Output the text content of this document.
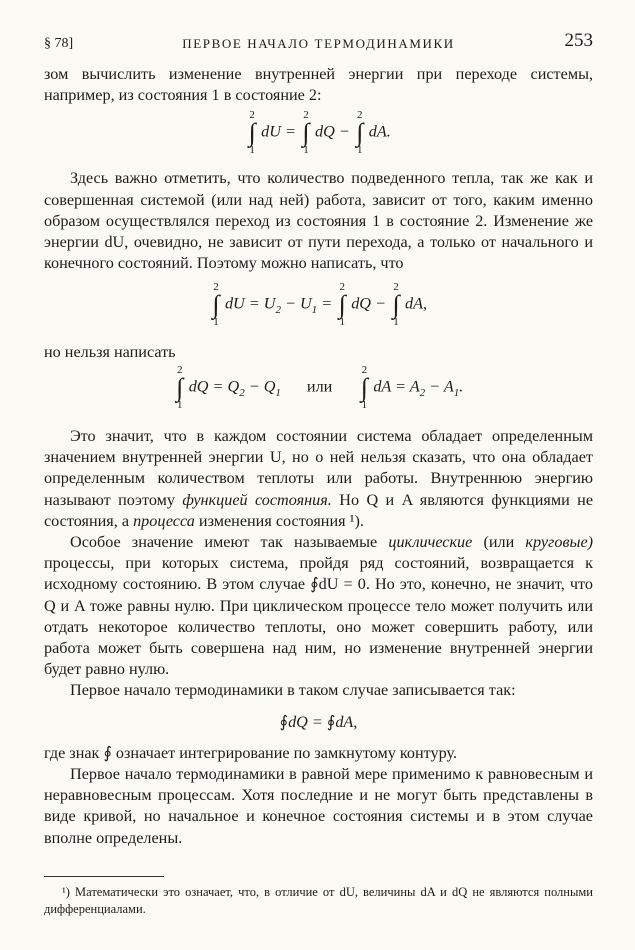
§ 78]	ПЕРВОЕ НАЧАЛО ТЕРМОДИНАМИКИ	253

зом вычислить изменение внутренней энергии при переходе системы, например, из состояния 1 в состояние 2:

2
∫
1
dU =
2
∫
1
dQ −
2
∫
1
dA.

Здесь важно отметить, что количество подведенного тепла, так же как и совершенная системой (или над ней) работа, зависит от того, каким именно образом осуществлялся переход из состояния 1 в состояние 2. Изменение же энергии dU, очевидно, не зависит от пути перехода, а только от начального и конечного состояний. Поэтому можно написать, что

2
∫
1
dU = $U_2 - U_1$ =
2
∫
1
dQ −
2
∫
1
dA,

но нельзя написать

2
∫
1
dQ = $Q_2 - Q_1$ или
2
∫
1
dA = $A_2 - A_1$.

Это значит, что в каждом состоянии система обладает определенным значением внутренней энергии U, но о ней нельзя сказать, что она обладает определенным количеством теплоты или работы. Внутреннюю энергию называют поэтому функцией состояния. Но Q и A являются функциями не состояния, а процесса изменения состояния ¹).

Особое значение имеют так называемые циклические (или круговые) процессы, при которых система, пройдя ряд состояний, возвращается к исходному состоянию. В этом случае ∮dU = 0. Но это, конечно, не значит, что Q и A тоже равны нулю. При циклическом процессе тело может получить или отдать некоторое количество теплоты, оно может совершить работу, или работа может быть совершена над ним, но изменение внутренней энергии будет равно нулю.

Первое начало термодинамики в таком случае записывается так:

∮dQ = ∮dA,

где знак ∮ означает интегрирование по замкнутому контуру.

Первое начало термодинамики в равной мере применимо к равновесным и неравновесным процессам. Хотя последние и не могут быть представлены в виде кривой, но начальное и конечное состояния системы и в этом случае вполне определены.

¹) Математически это означает, что, в отличие от dU, величины dA и dQ не являются полными дифференциалами.
